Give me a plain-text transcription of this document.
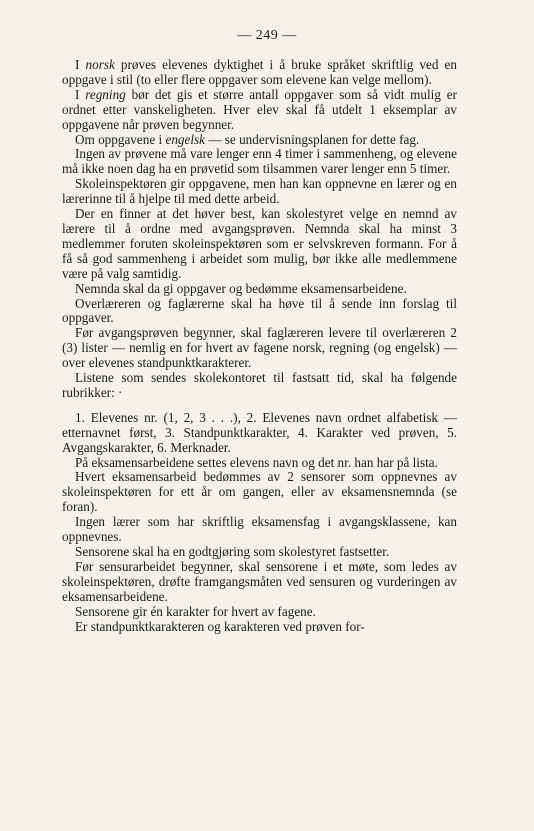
— 249 —

I norsk prøves elevenes dyktighet i å bruke språket skriftlig ved en oppgave i stil (to eller flere oppgaver som elevene kan velge mellom).

I regning bør det gis et større antall oppgaver som så vidt mulig er ordnet etter vanskeligheten. Hver elev skal få utdelt 1 eksemplar av oppgavene når prøven begynner.

Om oppgavene i engelsk — se undervisningsplanen for dette fag.

Ingen av prøvene må vare lenger enn 4 timer i sammenheng, og elevene må ikke noen dag ha en prøvetid som tilsammen varer lenger enn 5 timer.

Skoleinspektøren gir oppgavene, men han kan oppnevne en lærer og en lærerinne til å hjelpe til med dette arbeid.

Der en finner at det høver best, kan skolestyret velge en nemnd av lærere til å ordne med avgangsprøven. Nemnda skal ha minst 3 medlemmer foruten skoleinspektøren som er selvskreven formann. For å få så god sammenheng i arbeidet som mulig, bør ikke alle medlemmene være på valg samtidig.

Nemnda skal da gi oppgaver og bedømme eksamensarbeidene.

Overlæreren og faglærerne skal ha høve til å sende inn forslag til oppgaver.

Før avgangsprøven begynner, skal faglæreren levere til overlæreren 2 (3) lister — nemlig en for hvert av fagene norsk, regning (og engelsk) — over elevenes standpunktkarakterer.

Listene som sendes skolekontoret til fastsatt tid, skal ha følgende rubrikker: ·

1. Elevenes nr. (1, 2, 3 . . .), 2. Elevenes navn ordnet alfabetisk — etternavnet først, 3. Standpunktkarakter, 4. Karakter ved prøven, 5. Avgangskarakter, 6. Merknader.

På eksamensarbeidene settes elevens navn og det nr. han har på lista.

Hvert eksamensarbeid bedømmes av 2 sensorer som oppnevnes av skoleinspektøren for ett år om gangen, eller av eksamensnemnda (se foran).

Ingen lærer som har skriftlig eksamensfag i avgangsklassene, kan oppnevnes.

Sensorene skal ha en godtgjøring som skolestyret fastsetter.

Før sensurarbeidet begynner, skal sensorene i et møte, som ledes av skoleinspektøren, drøfte framgangsmåten ved sensuren og vurderingen av eksamensarbeidene.

Sensorene gir én karakter for hvert av fagene.

Er standpunktkarakteren og karakteren ved prøven for-
